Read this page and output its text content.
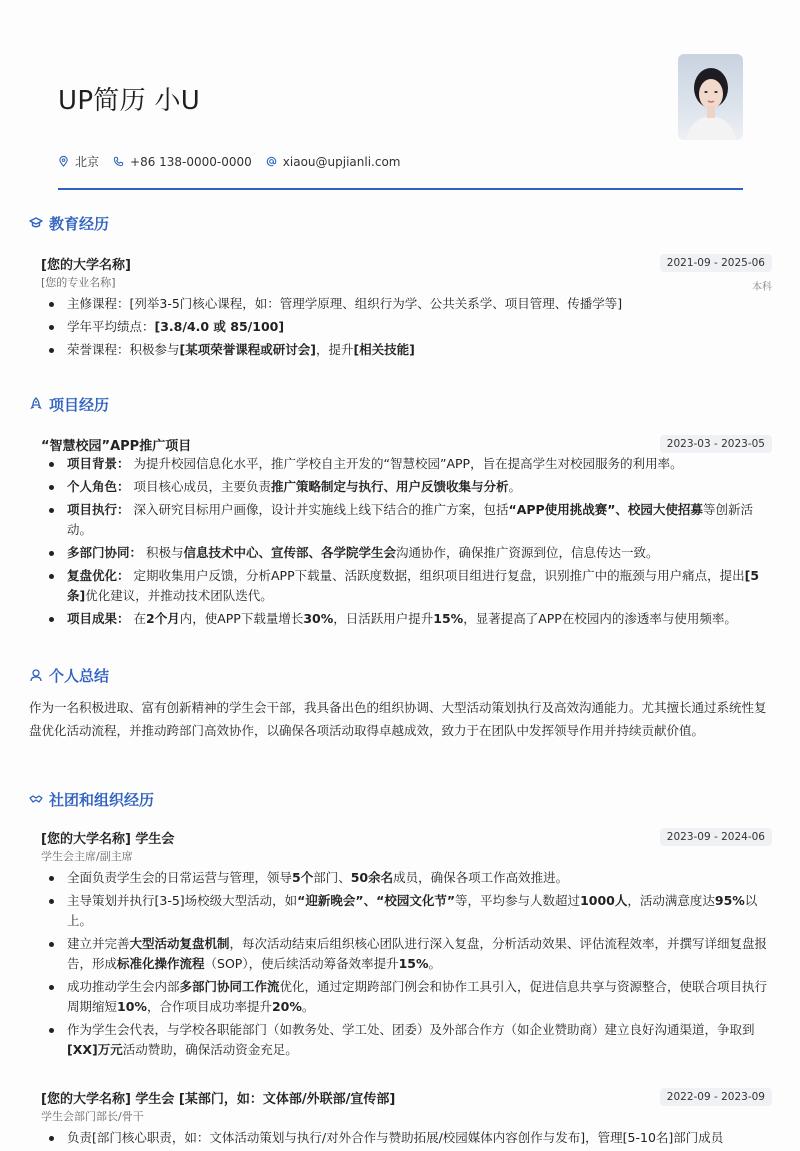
UP简历 小U
北京	+86 138-0000-0000	xiaou@upjianli.com
教育经历
[您的大学名称]
[您的专业名称]
2021-09 - 2025-06
本科
主修课程：[列举3-5门核心课程，如：管理学原理、组织行为学、公共关系学、项目管理、传播学等]
学年平均绩点：[3.8/4.0 或 85/100]
荣誉课程：积极参与[某项荣誉课程或研讨会]，提升[相关技能]
项目经历
“智慧校园”APP推广项目	2023-03 - 2023-05
项目背景： 为提升校园信息化水平，推广学校自主开发的“智慧校园”APP，旨在提高学生对校园服务的利用率。
个人角色： 项目核心成员，主要负责推广策略制定与执行、用户反馈收集与分析。
项目执行： 深入研究目标用户画像，设计并实施线上线下结合的推广方案，包括“APP使用挑战赛”、校园大使招募等创新活动。
多部门协同： 积极与信息技术中心、宣传部、各学院学生会沟通协作，确保推广资源到位，信息传达一致。
复盘优化： 定期收集用户反馈，分析APP下载量、活跃度数据，组织项目组进行复盘，识别推广中的瓶颈与用户痛点，提出[5条]优化建议，并推动技术团队迭代。
项目成果： 在2个月内，使APP下载量增长30%，日活跃用户提升15%，显著提高了APP在校园内的渗透率与使用频率。
个人总结
作为一名积极进取、富有创新精神的学生会干部，我具备出色的组织协调、大型活动策划执行及高效沟通能力。尤其擅长通过系统性复盘优化活动流程，并推动跨部门高效协作，以确保各项活动取得卓越成效，致力于在团队中发挥领导作用并持续贡献价值。
社团和组织经历
[您的大学名称] 学生会
学生会主席/副主席
2023-09 - 2024-06
全面负责学生会的日常运营与管理，领导5个部门、50余名成员，确保各项工作高效推进。
主导策划并执行[3-5]场校级大型活动，如“迎新晚会”、“校园文化节”等，平均参与人数超过1000人，活动满意度达95%以上。
建立并完善大型活动复盘机制，每次活动结束后组织核心团队进行深入复盘，分析活动效果、评估流程效率，并撰写详细复盘报告，形成标准化操作流程（SOP），使后续活动筹备效率提升15%。
成功推动学生会内部多部门协同工作流优化，通过定期跨部门例会和协作工具引入，促进信息共享与资源整合，使联合项目执行周期缩短10%，合作项目成功率提升20%。
作为学生会代表，与学校各职能部门（如教务处、学工处、团委）及外部合作方（如企业赞助商）建立良好沟通渠道，争取到[XX]万元活动赞助，确保活动资金充足。
[您的大学名称] 学生会 [某部门，如：文体部/外联部/宣传部]
学生会部门部长/骨干
2022-09 - 2023-09
负责[部门核心职责，如：文体活动策划与执行/对外合作与赞助拓展/校园媒体内容创作与发布]，管理[5-10名]部门成员
